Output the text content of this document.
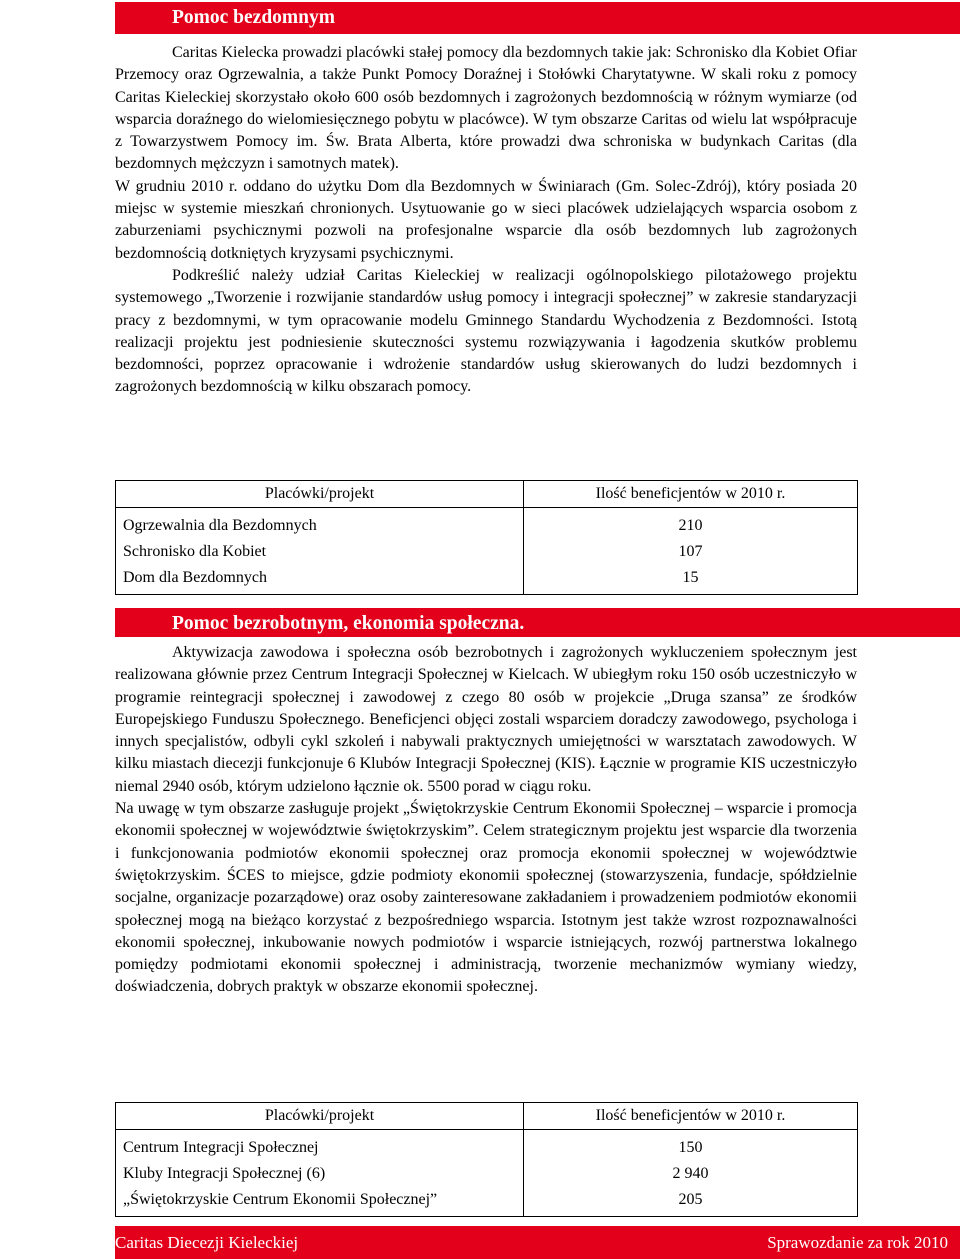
Pomoc bezdomnym

Caritas Kielecka prowadzi placówki stałej pomocy dla bezdomnych takie jak: Schronisko dla Kobiet Ofiar Przemocy oraz Ogrzewalnia, a także Punkt Pomocy Doraźnej i Stołówki Charytatywne. W skali roku z pomocy Caritas Kieleckiej skorzystało około 600 osób bezdomnych i zagrożonych bezdomnością w różnym wymiarze (od wsparcia doraźnego do wielomiesięcznego pobytu w placówce). W tym obszarze Caritas od wielu lat współpracuje z Towarzystwem Pomocy im. Św. Brata Alberta, które prowadzi dwa schroniska w budynkach Caritas (dla bezdomnych mężczyzn i samotnych matek).

W grudniu 2010 r. oddano do użytku Dom dla Bezdomnych w Świniarach (Gm. Solec-Zdrój), który posiada 20 miejsc w systemie mieszkań chronionych. Usytuowanie go w sieci placówek udzielających wsparcia osobom z zaburzeniami psychicznymi pozwoli na profesjonalne wsparcie dla osób bezdomnych lub zagrożonych bezdomnością dotkniętych kryzysami psychicznymi.

Podkreślić należy udział Caritas Kieleckiej w realizacji ogólnopolskiego pilotażowego projektu systemowego „Tworzenie i rozwijanie standardów usług pomocy i integracji społecznej” w zakresie standaryzacji pracy z bezdomnymi, w tym opracowanie modelu Gminnego Standardu Wychodzenia z Bezdomności. Istotą realizacji projektu jest podniesienie skuteczności systemu rozwiązywania i łagodzenia skutków problemu bezdomności, poprzez opracowanie i wdrożenie standardów usług skierowanych do ludzi bezdomnych i zagrożonych bezdomnością w kilku obszarach pomocy.

Placówki/projekt	Ilość beneficjentów w 2010 r.
Ogrzewalnia dla Bezdomnych	210
Schronisko dla Kobiet	107
Dom dla Bezdomnych	15
Pomoc bezrobotnym, ekonomia społeczna.

Aktywizacja zawodowa i społeczna osób bezrobotnych i zagrożonych wykluczeniem społecznym jest realizowana głównie przez Centrum Integracji Społecznej w Kielcach. W ubiegłym roku 150 osób uczestniczyło w programie reintegracji społecznej i zawodowej z czego 80 osób w projekcie „Druga szansa” ze środków Europejskiego Funduszu Społecznego. Beneficjenci objęci zostali wsparciem doradczy zawodowego, psychologa i innych specjalistów, odbyli cykl szkoleń i nabywali praktycznych umiejętności w warsztatach zawodowych. W kilku miastach diecezji funkcjonuje 6 Klubów Integracji Społecznej (KIS). Łącznie w programie KIS uczestniczyło niemal 2940 osób, którym udzielono łącznie ok. 5500 porad w ciągu roku.

Na uwagę w tym obszarze zasługuje projekt „Świętokrzyskie Centrum Ekonomii Społecznej – wsparcie i promocja ekonomii społecznej w województwie świętokrzyskim”. Celem strategicznym projektu jest wsparcie dla tworzenia i funkcjonowania podmiotów ekonomii społecznej oraz promocja ekonomii społecznej w województwie świętokrzyskim. ŚCES to miejsce, gdzie podmioty ekonomii społecznej (stowarzyszenia, fundacje, spółdzielnie socjalne, organizacje pozarządowe) oraz osoby zainteresowane zakładaniem i prowadzeniem podmiotów ekonomii społecznej mogą na bieżąco korzystać z bezpośredniego wsparcia. Istotnym jest także wzrost rozpoznawalności ekonomii społecznej, inkubowanie nowych podmiotów i wsparcie istniejących, rozwój partnerstwa lokalnego pomiędzy podmiotami ekonomii społecznej i administracją, tworzenie mechanizmów wymiany wiedzy, doświadczenia, dobrych praktyk w obszarze ekonomii społecznej.

Placówki/projekt	Ilość beneficjentów w 2010 r.
Centrum Integracji Społecznej	150
Kluby Integracji Społecznej (6)	2 940
„Świętokrzyskie Centrum Ekonomii Społecznej”	205
Caritas Diecezji Kieleckiej	Sprawozdanie za rok 2010
